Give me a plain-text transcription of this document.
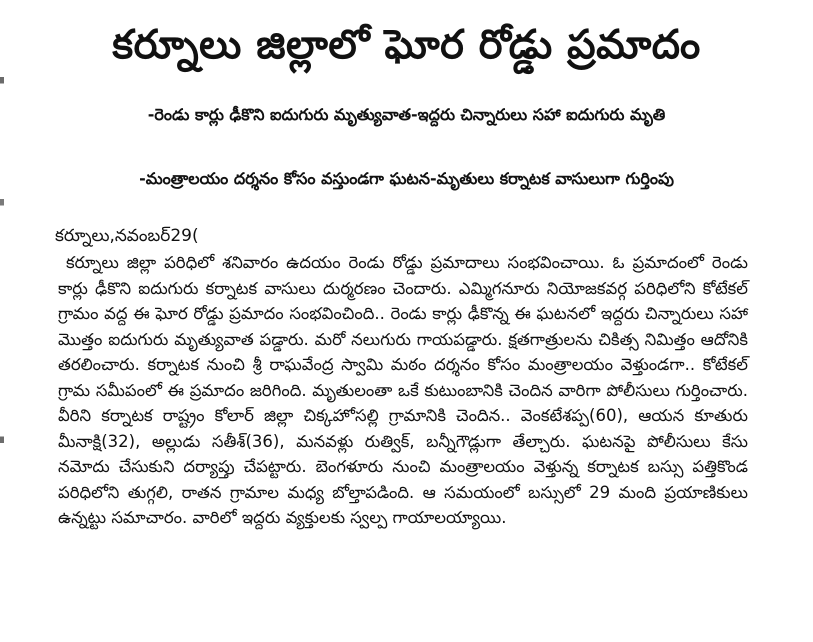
కర్నూలు జిల్లాలో ఘోర రోడ్డు ప్రమాదం
-రెండు కార్లు ఢీకొని ఐదుగురు మృత్యువాత-ఇద్దరు చిన్నారులు సహా ఐదుగురు మృతి
-మంత్రాలయం దర్శనం కోసం వస్తుండగా ఘటన-మృతులు కర్నాటక వాసులుగా గుర్తింపు
కర్నూలు,నవంబర్29(
కర్నూలు జిల్లా పరిధిలో శనివారం ఉదయం రెండు రోడ్డు ప్రమాదాలు సంభవించాయి. ఓ ప్రమాదంలో రెండు కార్లు ఢీకొని ఐదుగురు కర్నాటక వాసులు దుర్మరణం చెందారు. ఎమ్మిగనూరు నియోజకవర్గ పరిధిలోని కోటేకల్ గ్రామం వద్ద ఈ ఘోర రోడ్డు ప్రమాదం సంభవించింది.. రెండు కార్లు ఢీకొన్న ఈ ఘటనలో ఇద్దరు చిన్నారులు సహా మొత్తం ఐదుగురు మృత్యువాత పడ్డారు. మరో నలుగురు గాయపడ్డారు. క్షతగాత్రులను చికిత్స నిమిత్తం ఆదోనికి తరలించారు. కర్నాటక నుంచి శ్రీ రాఘవేంద్ర స్వామి మఠం దర్శనం కోసం మంత్రాలయం వెళ్తుండగా.. కోటేకల్ గ్రామ సమీపంలో ఈ ప్రమాదం జరిగింది. మృతులంతా ఒకే కుటుంబానికి చెందిన వారిగా పోలీసులు గుర్తించారు. వీరిని కర్నాటక రాష్ట్రం కోలార్ జిల్లా చిక్కహోసల్లి గ్రామానికి చెందిన.. వెంకటేశప్ప(60), ఆయన కూతురు మీనాక్షి(32), అల్లుడు సతీశ్(36), మనవళ్లు రుత్విక్, బన్నీగౌడ్లుగా తేల్చారు. ఘటనపై పోలీసులు కేసు నమోదు చేసుకుని దర్యాప్తు చేపట్టారు. బెంగళూరు నుంచి మంత్రాలయం వెళ్తున్న కర్నాటక బస్సు పత్తికొండ పరిధిలోని తుగ్గలి, రాతన గ్రామాల మధ్య బోల్తాపడింది. ఆ సమయంలో బస్సులో 29 మంది ప్రయాణికులు ఉన్నట్టు సమాచారం. వారిలో ఇద్దరు వ్యక్తులకు స్వల్ప గాయాలయ్యాయి.
